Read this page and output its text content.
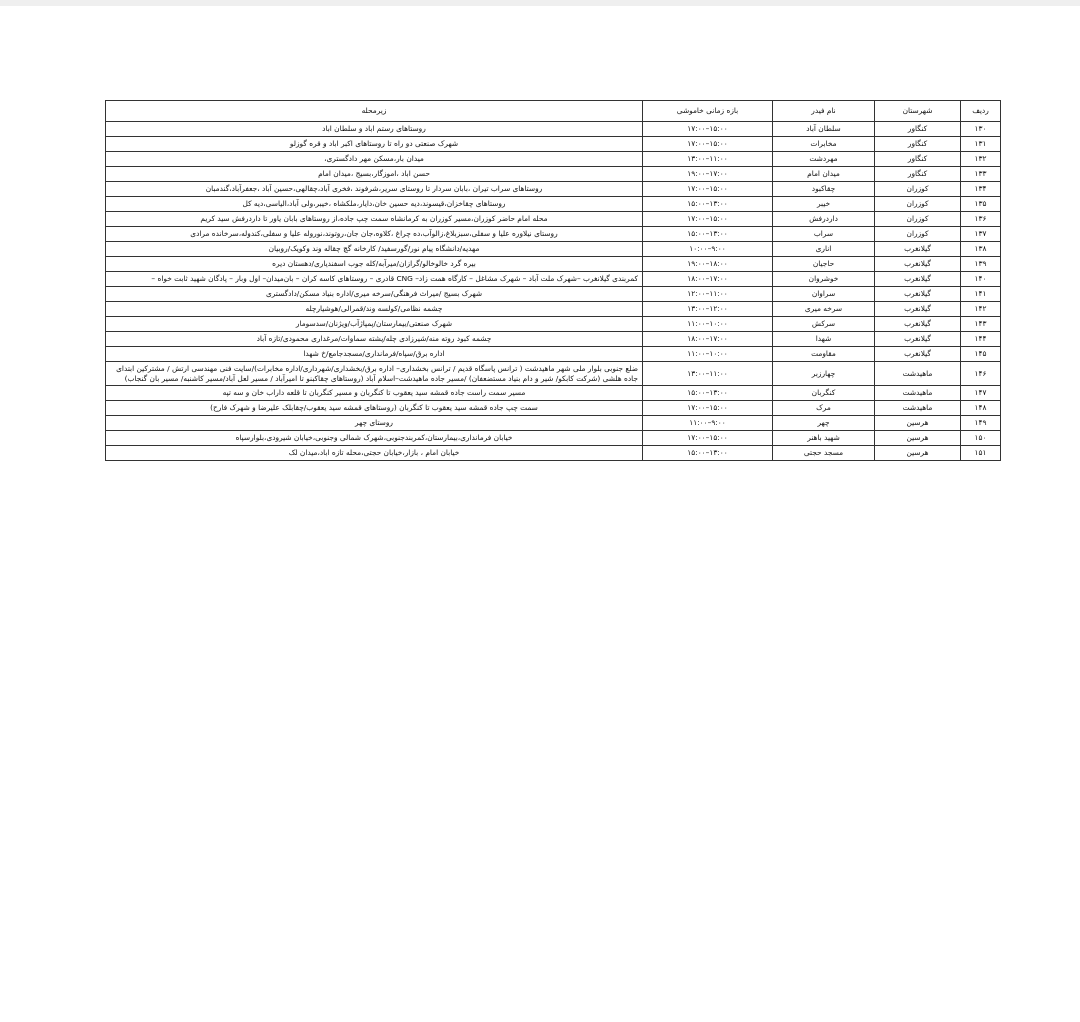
ردیف	شهرستان	نام فیدر	بازه زمانی خاموشی	زیرمحله
۱۳۰	کنگاور	سلطان آباد	۱۵:۰۰–۱۷:۰۰	روستاهای رستم اباد و سلطان اباد
۱۳۱	کنگاور	مخابرات	۱۵:۰۰–۱۷:۰۰	شهرک صنعتی دو راه تا روستاهای اکبر اباد و قره گوزلو
۱۳۲	کنگاور	مهردشت	۱۱:۰۰–۱۳:۰۰	میدان بار،مسکن مهر دادگستری،
۱۳۳	کنگاور	میدان امام	۱۷:۰۰–۱۹:۰۰	حسن اباد ،اموزگار،بسیج ،میدان امام
۱۳۴	کوزران	چقاکبود	۱۵:۰۰–۱۷:۰۰	روستاهای سراب تیران ،بابان سردار تا روستای سریر،شرفوند ،فخری آباد،چقالهی،حسین آباد ،جعفرآباد،گندمبان
۱۳۵	کوزران	خیبر	۱۳:۰۰–۱۵:۰۰	روستاهای چقاخزان،قیسوند،دیه حسین خان،دایار،ملکشاه ،خیبر،ولی آباد،الیاسی،دیه کل
۱۳۶	کوزران	داردرفش	۱۵:۰۰–۱۷:۰۰	محله امام حاضر کوزران،مسیر کوزران به کرمانشاه سمت چپ جاده،از روستاهای بابان یاور تا داردرفش سید کریم
۱۳۷	کوزران	سراب	۱۳:۰۰–۱۵:۰۰	روستای نیلاوره علیا و سفلی،سبزبلاغ،زالوآب،ده چراغ ،کلاوه،جان جان،روتوند،نورولە علیا و سفلی،کندوله،سرخانده مرادی
۱۳۸	گیلانغرب	اناری	۹:۰۰–۱۰:۰۰	مهدیه/دانشگاه پیام نور/گورسفید/ کارخانه گچ چقاله وند وکویک/روبیان
۱۳۹	گیلانغرب	حاجیان	۱۸:۰۰–۱۹:۰۰	بیره گرد خالوخالو/گرازان/میرآبه/کله جوب اسفندیاری/دهستان دیره
۱۴۰	گیلانغرب	خوشروان	۱۷:۰۰–۱۸:۰۰	کمربندی گیلانغرب –شهرک ملت آباد – شهرک مشاغل – کارگاه همت زاد– CNG قادری – روستاهای کاسه کران – بان‌میدان– اول وبار – پادگان شهید ثابت خواه –
۱۴۱	گیلانغرب	سراوان	۱۱:۰۰–۱۲:۰۰	شهرک بسیج /میراث فرهنگی/سرخه میری/اداره بنیاد مسکن/دادگستری
۱۴۲	گیلانغرب	سرخه میری	۱۲:۰۰–۱۳:۰۰	چشمه نظامی/کولسه وند/قمرالی/هوشیارچله
۱۴۳	گیلانغرب	سرکش	۱۰:۰۰–۱۱:۰۰	شهرک صنعتی/بیمارستان/پمپاژآب/ویژنان/سدسومار
۱۴۴	گیلانغرب	شهدا	۱۷:۰۰–۱۸:۰۰	چشمه کبود روته منه/شیرزادی چله/پشته سماوات/مرغداری محمودی/تازه آباد
۱۴۵	گیلانغرب	مقاومت	۱۰:۰۰–۱۱:۰۰	اداره برق/سپاه/فرمانداری/مسجدجامع/خ شهدا
۱۴۶	ماهیدشت	چهارزبر	۱۱:۰۰–۱۳:۰۰	ضلع جنوبی بلوار ملی شهر ماهیدشت ( ترانس پاسگاه قدیم / ترانس بخشداری– اداره برق/بخشداری/شهرداری/اداره مخابرات)/سایت فنی مهندسی ارتش / مشترکین ابتدای جاده هلشی (شرکت کابکو/ شیر و دام بنیاد مستضعفان) /مسیر جاده ماهیدشت–اسلام آباد (روستاهای چقاکبنو تا امیرآباد / مسیر لعل آباد/مسیر کاشنبه/ مسیر بان گنجاب)
۱۴۷	ماهیدشت	کنگربان	۱۳:۰۰–۱۵:۰۰	مسیر سمت راست جاده قمشه سید یعقوب تا کنگربان و مسیر کنگربان تا قلعه داراب خان و سه تپه
۱۴۸	ماهیدشت	مرک	۱۵:۰۰–۱۷:۰۰	سمت چپ جاده قمشه سید یعقوب تا کنگربان (روستاهای قمشه سید یعقوب/چقابلک علیرضا و شهرک فارح)
۱۴۹	هرسین	چهر	۹:۰۰–۱۱:۰۰	روستای چهر
۱۵۰	هرسین	شهید باهنر	۱۵:۰۰–۱۷:۰۰	خیابان فرمانداری،بیمارستان،کمربندجنوبی،شهرک شمالی وجنوبی،خیابان شیرودی،بلوارسپاه
۱۵۱	هرسین	مسجد حجتی	۱۳:۰۰–۱۵:۰۰	خیابان امام ، بازار،خیابان حجتی،محله تازه اباد،میدان لک
